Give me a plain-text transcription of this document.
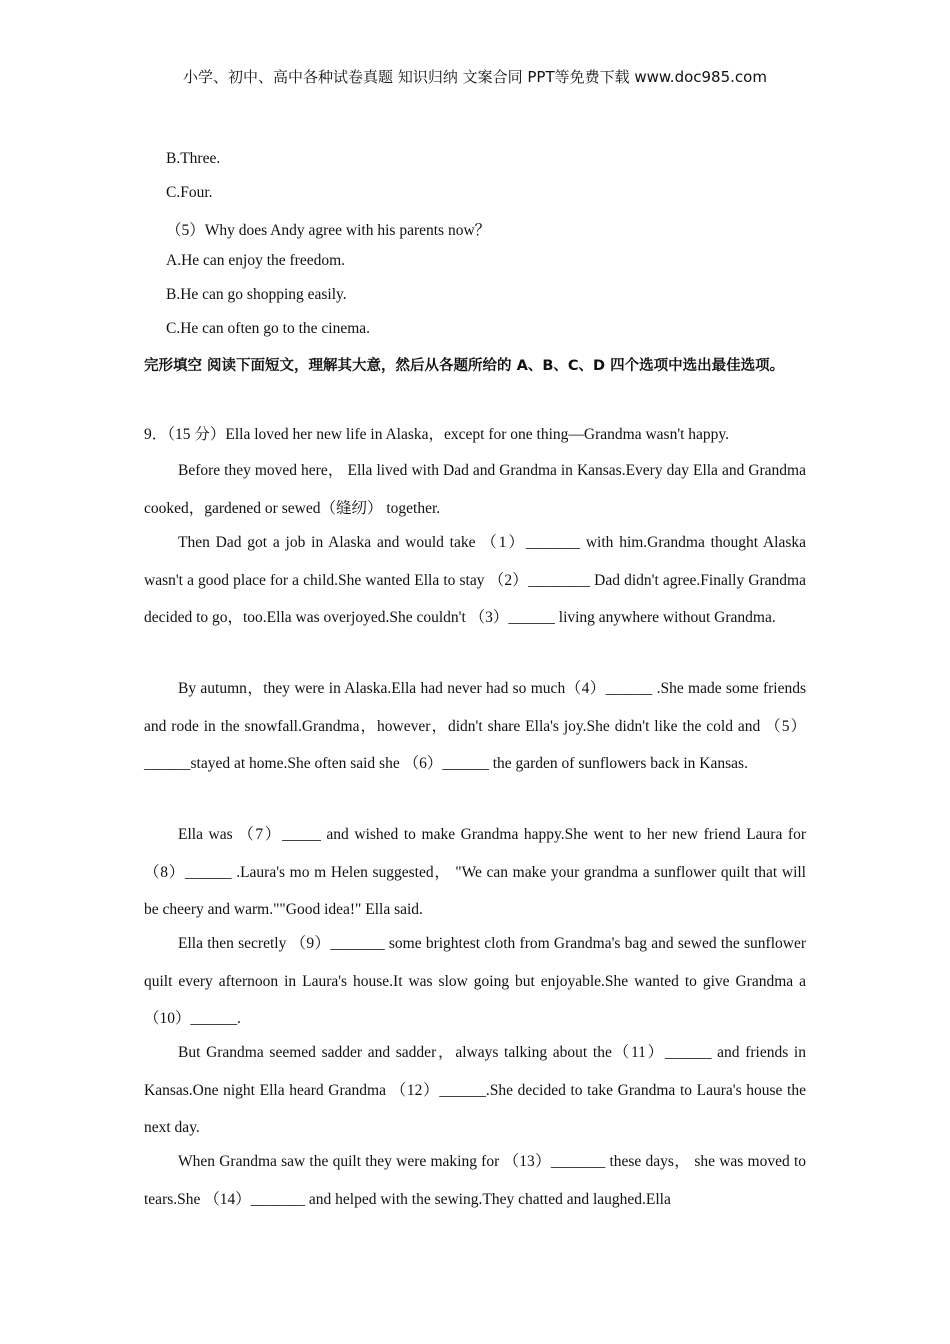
小学、初中、高中各种试卷真题 知识归纳 文案合同 PPT等免费下载 www.doc985.com
B.Three.
C.Four.
（5）Why does Andy agree with his parents now？
A.He can enjoy the freedom.
B.He can go shopping easily.
C.He can often go to the cinema.
完形填空 阅读下面短文，理解其大意，然后从各题所给的 A、B、C、D 四个选项中选出最佳选项。
9．（15 分）Ella loved her new life in Alaska，except for one thing—Grandma wasn't happy.
Before they moved here， Ella lived with Dad and Grandma in Kansas.Every day Ella and Grandma cooked，gardened or sewed（缝纫） together.
Then Dad got a job in Alaska and would take （1）_______ with him.Grandma thought Alaska wasn't a good place for a child.She wanted Ella to stay （2）________ Dad didn't agree.Finally Grandma decided to go，too.Ella was overjoyed.She couldn't （3）______ living anywhere without Grandma.
By autumn，they were in Alaska.Ella had never had so much（4）______ .She made some friends and rode in the snowfall.Grandma，however，didn't share Ella's joy.She didn't like the cold and （5）______stayed at home.She often said she （6）______ the garden of sunflowers back in Kansas.
Ella was （7）_____ and wished to make Grandma happy.She went to her new friend Laura for （8）______ .Laura's mo m Helen suggested， "We can make your grandma a sunflower quilt that will be cheery and warm.""Good idea!" Ella said.
Ella then secretly （9）_______ some brightest cloth from Grandma's bag and sewed the sunflower quilt every afternoon in Laura's house.It was slow going but enjoyable.She wanted to give Grandma a （10）______.
But Grandma seemed sadder and sadder，always talking about the（11）______ and friends in Kansas.One night Ella heard Grandma （12）______.She decided to take Grandma to Laura's house the next day.
When Grandma saw the quilt they were making for （13）_______ these days， she was moved to tears.She （14）_______ and helped with the sewing.They chatted and laughed.Ella
